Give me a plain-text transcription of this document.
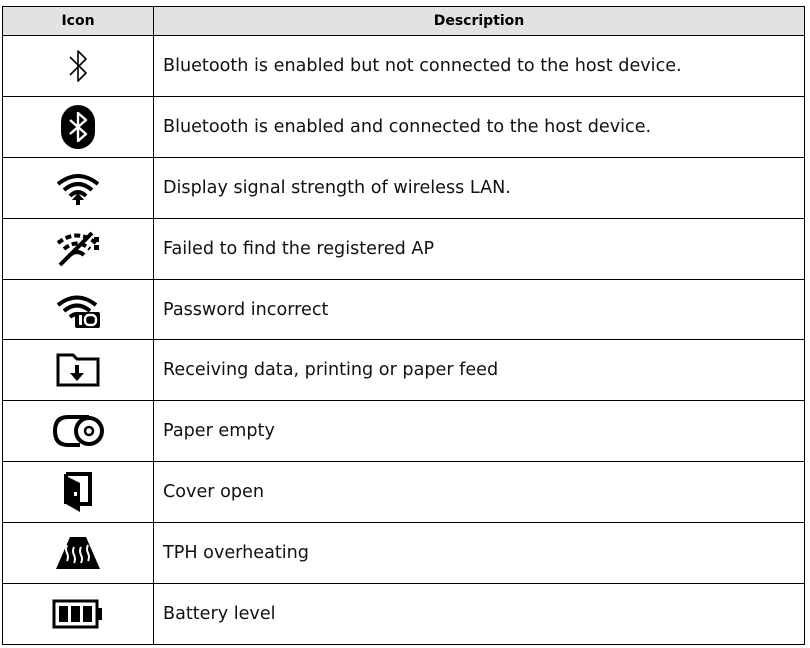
Icon	Description

	Bluetooth is enabled but not connected to the host device.

	Bluetooth is enabled and connected to the host device.

	Display signal strength of wireless LAN.

	Failed to find the registered AP

	Password incorrect

	Receiving data, printing or paper feed

	Paper empty

	Cover open

	TPH overheating

	Battery level
